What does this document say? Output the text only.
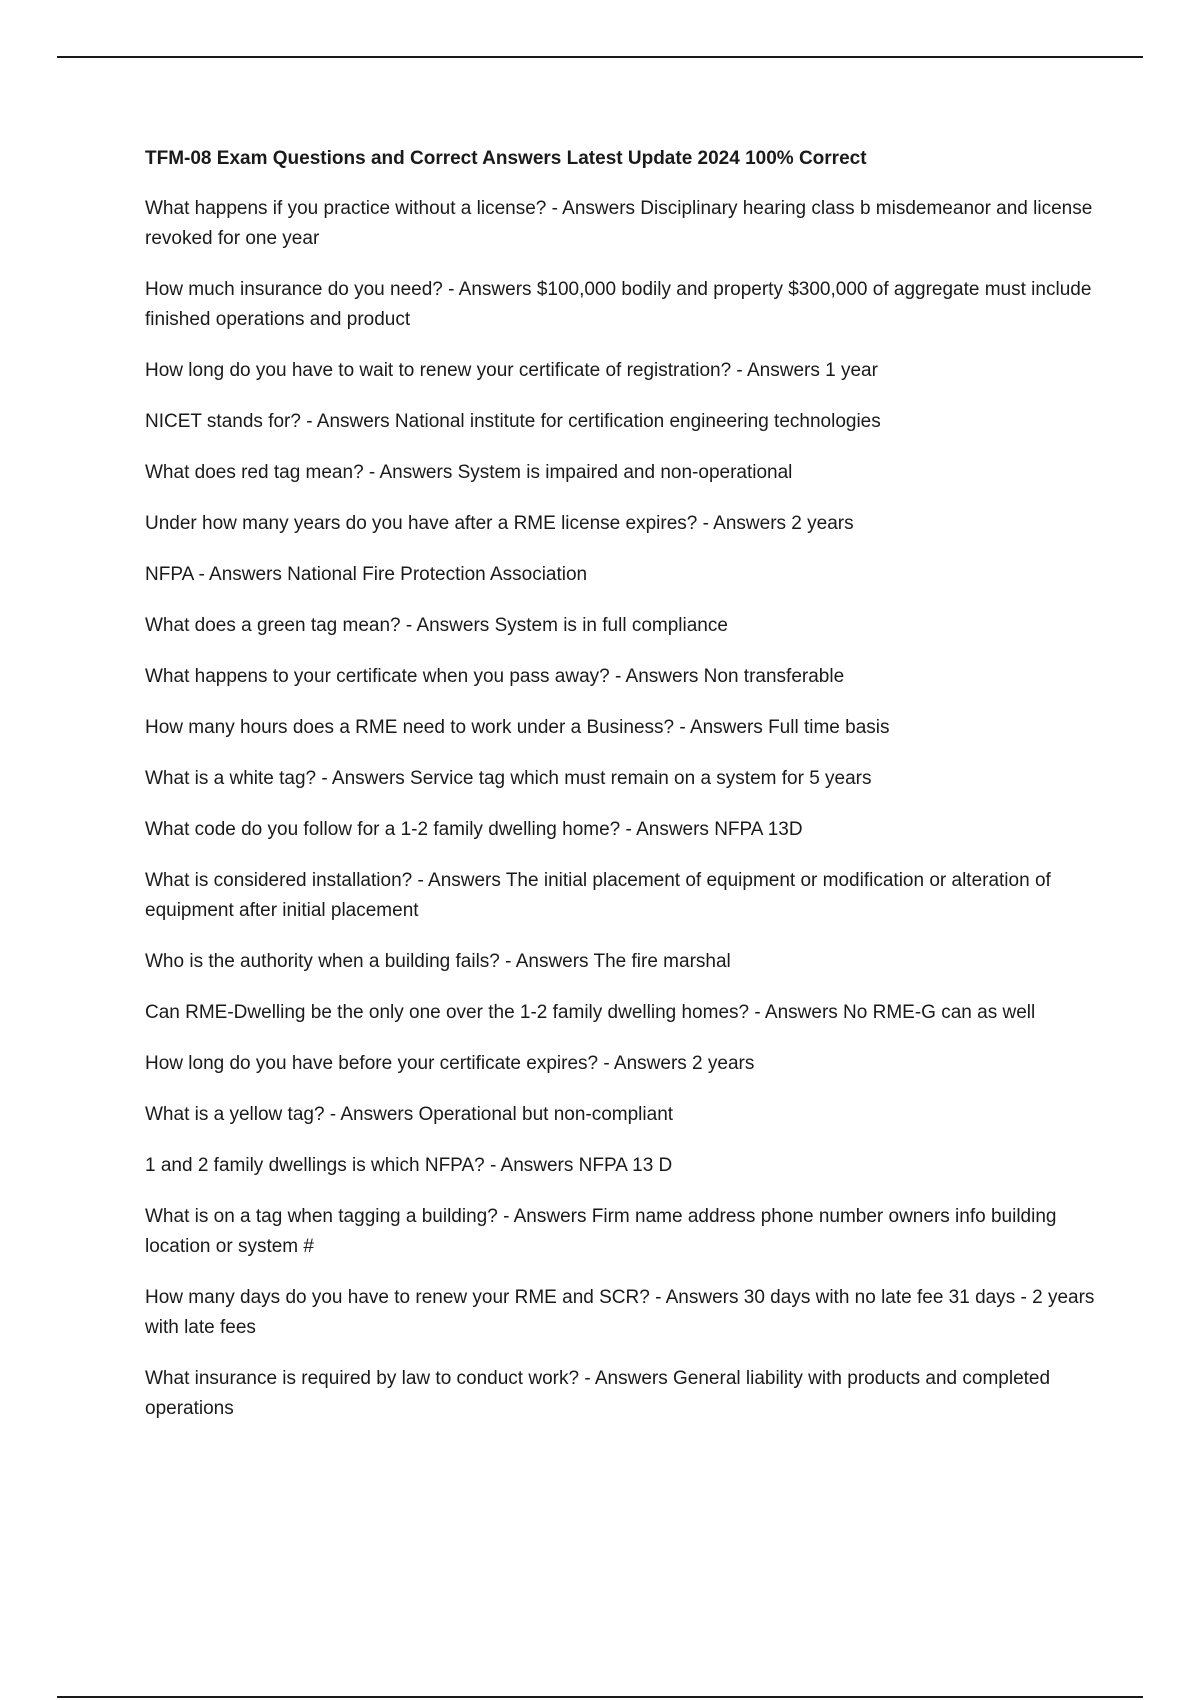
TFM-08 Exam Questions and Correct Answers Latest Update 2024 100% Correct

What happens if you practice without a license? - Answers Disciplinary hearing class b misdemeanor and license revoked for one year

How much insurance do you need? - Answers $100,000 bodily and property $300,000 of aggregate must include finished operations and product

How long do you have to wait to renew your certificate of registration? - Answers 1 year

NICET stands for? - Answers National institute for certification engineering technologies

What does red tag mean? - Answers System is impaired and non-operational

Under how many years do you have after a RME license expires? - Answers 2 years

NFPA - Answers National Fire Protection Association

What does a green tag mean? - Answers System is in full compliance

What happens to your certificate when you pass away? - Answers Non transferable

How many hours does a RME need to work under a Business? - Answers Full time basis

What is a white tag? - Answers Service tag which must remain on a system for 5 years

What code do you follow for a 1-2 family dwelling home? - Answers NFPA 13D

What is considered installation? - Answers The initial placement of equipment or modification or alteration of equipment after initial placement

Who is the authority when a building fails? - Answers The fire marshal

Can RME-Dwelling be the only one over the 1-2 family dwelling homes? - Answers No RME-G can as well

How long do you have before your certificate expires? - Answers 2 years

What is a yellow tag? - Answers Operational but non-compliant

1 and 2 family dwellings is which NFPA? - Answers NFPA 13 D

What is on a tag when tagging a building? - Answers Firm name address phone number owners info building location or system #

How many days do you have to renew your RME and SCR? - Answers 30 days with no late fee 31 days - 2 years with late fees

What insurance is required by law to conduct work? - Answers General liability with products and completed operations
